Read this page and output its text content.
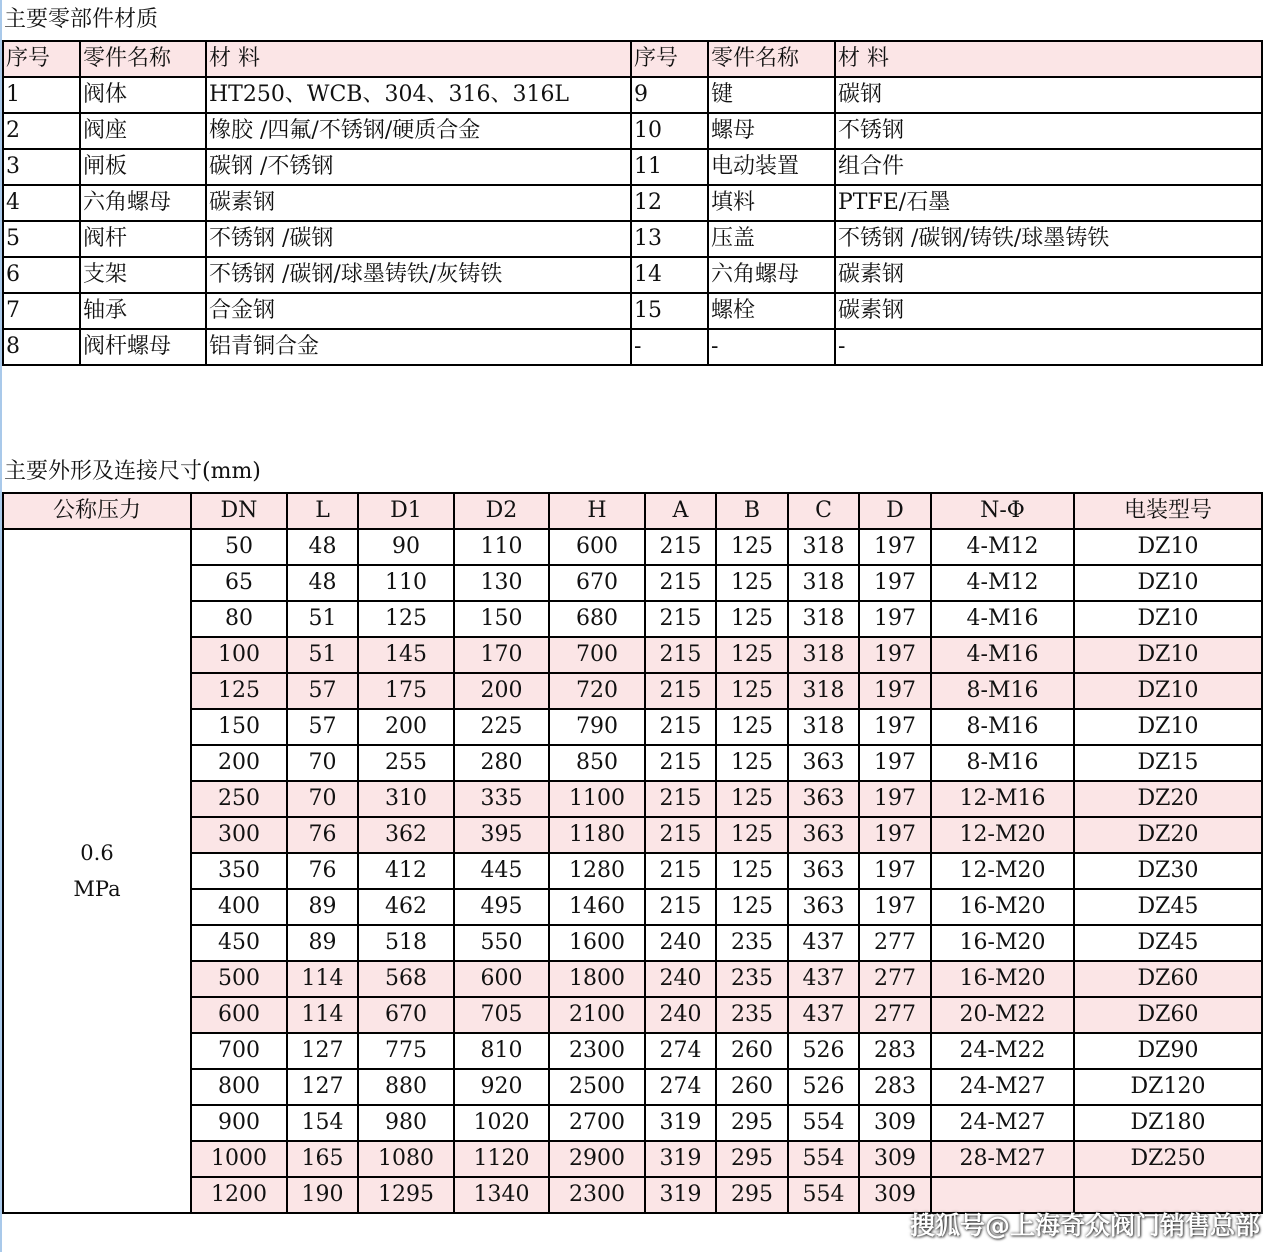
主要零部件材质
序号	零件名称	材 料	序号	零件名称	材 料
1	阀体	HT250、WCB、304、316、316L	9	键	碳钢
2	阀座	橡胶 /四氟/不锈钢/硬质合金	10	螺母	不锈钢
3	闸板	碳钢 /不锈钢	11	电动装置	组合件
4	六角螺母	碳素钢	12	填料	PTFE/石墨
5	阀杆	不锈钢 /碳钢	13	压盖	不锈钢 /碳钢/铸铁/球墨铸铁
6	支架	不锈钢 /碳钢/球墨铸铁/灰铸铁	14	六角螺母	碳素钢
7	轴承	合金钢	15	螺栓	碳素钢
8	阀杆螺母	铝青铜合金	-	-	-
主要外形及连接尺寸(mm)
公称压力	DN	L	D1	D2	H	A	B	C	D	N-Φ	电装型号

0.6
MPa	50	48	90	110	600	215	125	318	197	4-M12	DZ10
	65	48	110	130	670	215	125	318	197	4-M12	DZ10
	80	51	125	150	680	215	125	318	197	4-M16	DZ10
	100	51	145	170	700	215	125	318	197	4-M16	DZ10
	125	57	175	200	720	215	125	318	197	8-M16	DZ10
	150	57	200	225	790	215	125	318	197	8-M16	DZ10
	200	70	255	280	850	215	125	363	197	8-M16	DZ15
	250	70	310	335	1100	215	125	363	197	12-M16	DZ20
	300	76	362	395	1180	215	125	363	197	12-M20	DZ20
	350	76	412	445	1280	215	125	363	197	12-M20	DZ30
	400	89	462	495	1460	215	125	363	197	16-M20	DZ45
	450	89	518	550	1600	240	235	437	277	16-M20	DZ45
	500	114	568	600	1800	240	235	437	277	16-M20	DZ60
	600	114	670	705	2100	240	235	437	277	20-M22	DZ60
	700	127	775	810	2300	274	260	526	283	24-M22	DZ90
	800	127	880	920	2500	274	260	526	283	24-M27	DZ120
	900	154	980	1020	2700	319	295	554	309	24-M27	DZ180
	1000	165	1080	1120	2900	319	295	554	309	28-M27	DZ250
	1200	190	1295	1340	2300	319	295	554	309		
搜狐号@上海奇众阀门销售总部
